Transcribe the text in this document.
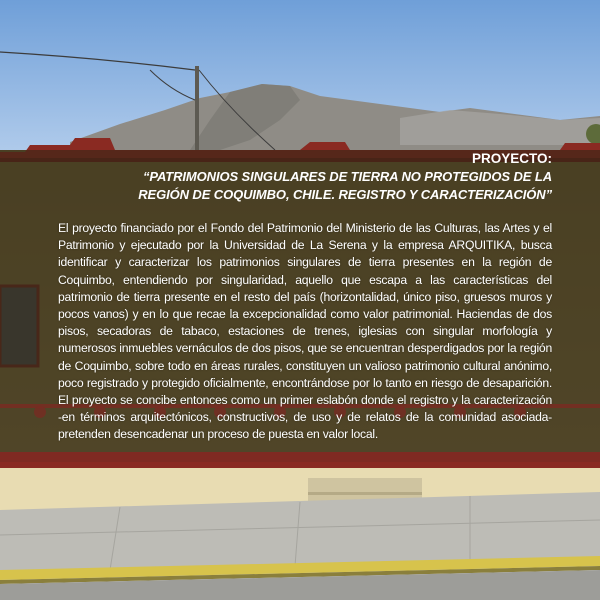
PROYECTO:
“PATRIMONIOS SINGULARES DE TIERRA NO PROTEGIDOS DE LA
REGIÓN DE COQUIMBO, CHILE. REGISTRO Y CARACTERIZACIÓN”
El proyecto financiado por el Fondo del Patrimonio del Ministerio de las Culturas, las Artes y el Patrimonio y ejecutado por la Universidad de La Serena y la empresa ARQUITIKA, busca identificar y caracterizar los patrimonios singulares de tierra presentes en la región de Coquimbo, entendiendo por singularidad, aquello que escapa a las características del patrimonio de tierra presente en el resto del país (horizontalidad, único piso, gruesos muros y pocos vanos) y en lo que recae la excepcionalidad como valor patrimonial. Haciendas de dos pisos, secadoras de tabaco, estaciones de trenes, iglesias con singular morfología y numerosos inmuebles vernáculos de dos pisos, que se encuentran desperdigados por la región de Coquimbo, sobre todo en áreas rurales, constituyen un valioso patrimonio cultural anónimo, poco registrado y protegido oficialmente, encontrándose por lo tanto en riesgo de desaparición. El proyecto se concibe entonces como un primer eslabón donde el registro y la caracterización -en términos arquitectónicos, constructivos, de uso y de relatos de la comunidad asociada- pretenden desencadenar un proceso de puesta en valor local.
